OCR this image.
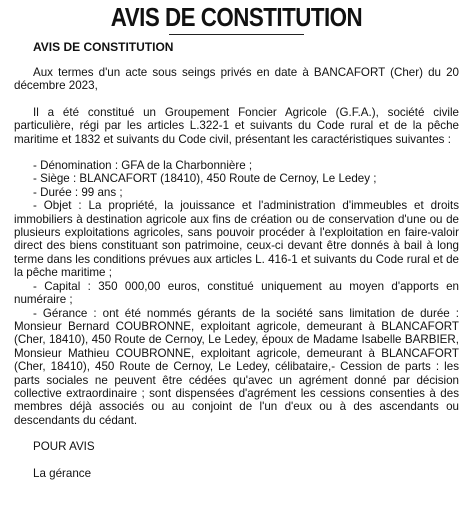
AVIS DE CONSTITUTION
AVIS DE CONSTITUTION

Aux termes d'un acte sous seings privés en date à BANCAFORT (Cher) du 20 décembre 2023,

Il a été constitué un Groupement Foncier Agricole (G.F.A.), société civile particulière, régi par les articles L.322-1 et suivants du Code rural et de la pêche maritime et 1832 et suivants du Code civil, présentant les caractéristiques suivantes :

- Dénomination : GFA de la Charbonnière ;

- Siège : BLANCAFORT (18410), 450 Route de Cernoy, Le Ledey ;

- Durée : 99 ans ;

- Objet : La propriété, la jouissance et l'administration d'immeubles et droits immobiliers à destination agricole aux fins de création ou de conservation d'une ou de plusieurs exploitations agricoles, sans pouvoir procéder à l'exploitation en faire-valoir direct des biens constituant son patrimoine, ceux-ci devant être donnés à bail à long terme dans les conditions prévues aux articles L. 416-1 et suivants du Code rural et de la pêche maritime ;

- Capital : 350 000,00 euros, constitué uniquement au moyen d'apports en numéraire ;

- Gérance : ont été nommés gérants de la société sans limitation de durée : Monsieur Bernard COUBRONNE, exploitant agricole, demeurant à BLANCAFORT (Cher, 18410), 450 Route de Cernoy, Le Ledey, époux de Madame Isabelle BARBIER, Monsieur Mathieu COUBRONNE, exploitant agricole, demeurant à BLANCAFORT (Cher, 18410), 450 Route de Cernoy, Le Ledey, célibataire,- Cession de parts : les parts sociales ne peuvent être cédées qu'avec un agrément donné par décision collective extraordinaire ; sont dispensées d'agrément les cessions consenties à des membres déjà associés ou au conjoint de l'un d'eux ou à des ascendants ou descendants du cédant.

POUR AVIS

La gérance
